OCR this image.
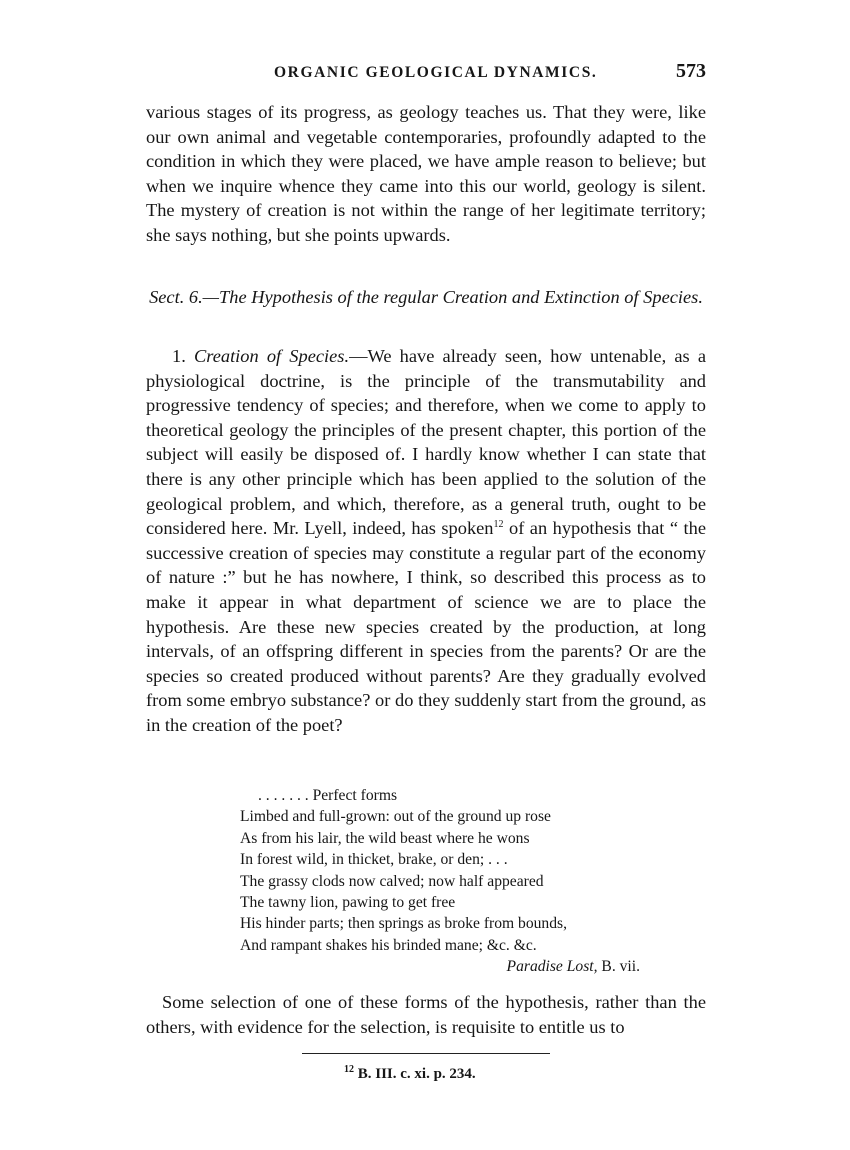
ORGANIC GEOLOGICAL DYNAMICS.	573

various stages of its progress, as geology teaches us. That they were, like our own animal and vegetable contemporaries, profoundly adapted to the condition in which they were placed, we have ample reason to believe; but when we inquire whence they came into this our world, geology is silent. The mystery of creation is not within the range of her legitimate territory; she says nothing, but she points upwards.

Sect. 6.—The Hypothesis of the regular Creation and Extinction of Species.

1. Creation of Species.—We have already seen, how untenable, as a physiological doctrine, is the principle of the transmutability and progressive tendency of species; and therefore, when we come to apply to theoretical geology the principles of the present chapter, this portion of the subject will easily be disposed of. I hardly know whether I can state that there is any other principle which has been applied to the solution of the geological problem, and which, therefore, as a general truth, ought to be considered here. Mr. Lyell, indeed, has spoken$^{12}$ of an hypothesis that “ the successive creation of species may constitute a regular part of the economy of nature :” but he has nowhere, I think, so described this process as to make it appear in what department of science we are to place the hypothesis. Are these new species created by the production, at long intervals, of an offspring different in species from the parents? Or are the species so created produced without parents? Are they gradually evolved from some embryo substance? or do they suddenly start from the ground, as in the creation of the poet?

. . . . . . . Perfect forms
Limbed and full-grown: out of the ground up rose
As from his lair, the wild beast where he wons
In forest wild, in thicket, brake, or den; . . .
The grassy clods now calved; now half appeared
The tawny lion, pawing to get free
His hinder parts; then springs as broke from bounds,
And rampant shakes his brinded mane; &c. &c.
Paradise Lost, B. vii.

Some selection of one of these forms of the hypothesis, rather than the others, with evidence for the selection, is requisite to entitle us to

$^{12}$ B. III. c. xi. p. 234.
